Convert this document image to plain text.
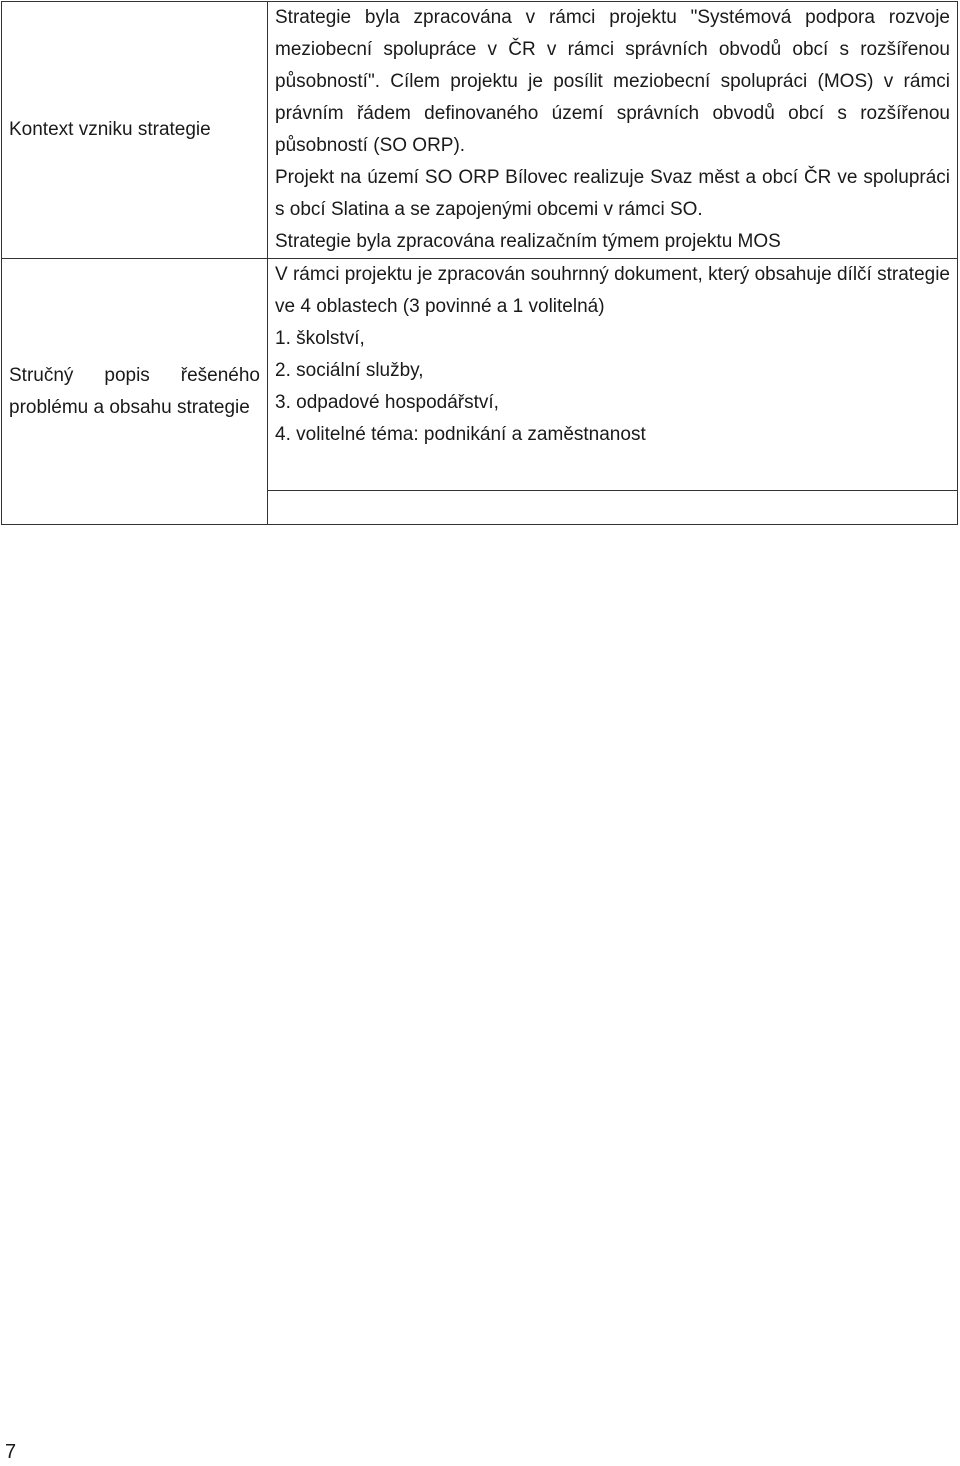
Kontext vzniku strategie	Strategie byla zpracována v rámci projektu "Systémová podpora rozvoje meziobecní spolupráce v ČR v rámci správních obvodů obcí s rozšířenou působností". Cílem projektu je posílit meziobecní spolupráci (MOS) v rámci právním řádem definovaného území správních obvodů obcí s rozšířenou působností (SO ORP).
Projekt na území SO ORP Bílovec realizuje Svaz měst a obcí ČR ve spolupráci s obcí Slatina a se zapojenými obcemi v rámci SO.
Strategie byla zpracována realizačním týmem projektu MOS

Stručný popis řešeného problému a obsahu strategie	V rámci projektu je zpracován souhrnný dokument, který obsahuje dílčí strategie ve 4 oblastech (3 povinné a 1 volitelná)
1. školství,
2. sociální služby,
3. odpadové hospodářství,
4. volitelné téma: podnikání a zaměstnanost

7
